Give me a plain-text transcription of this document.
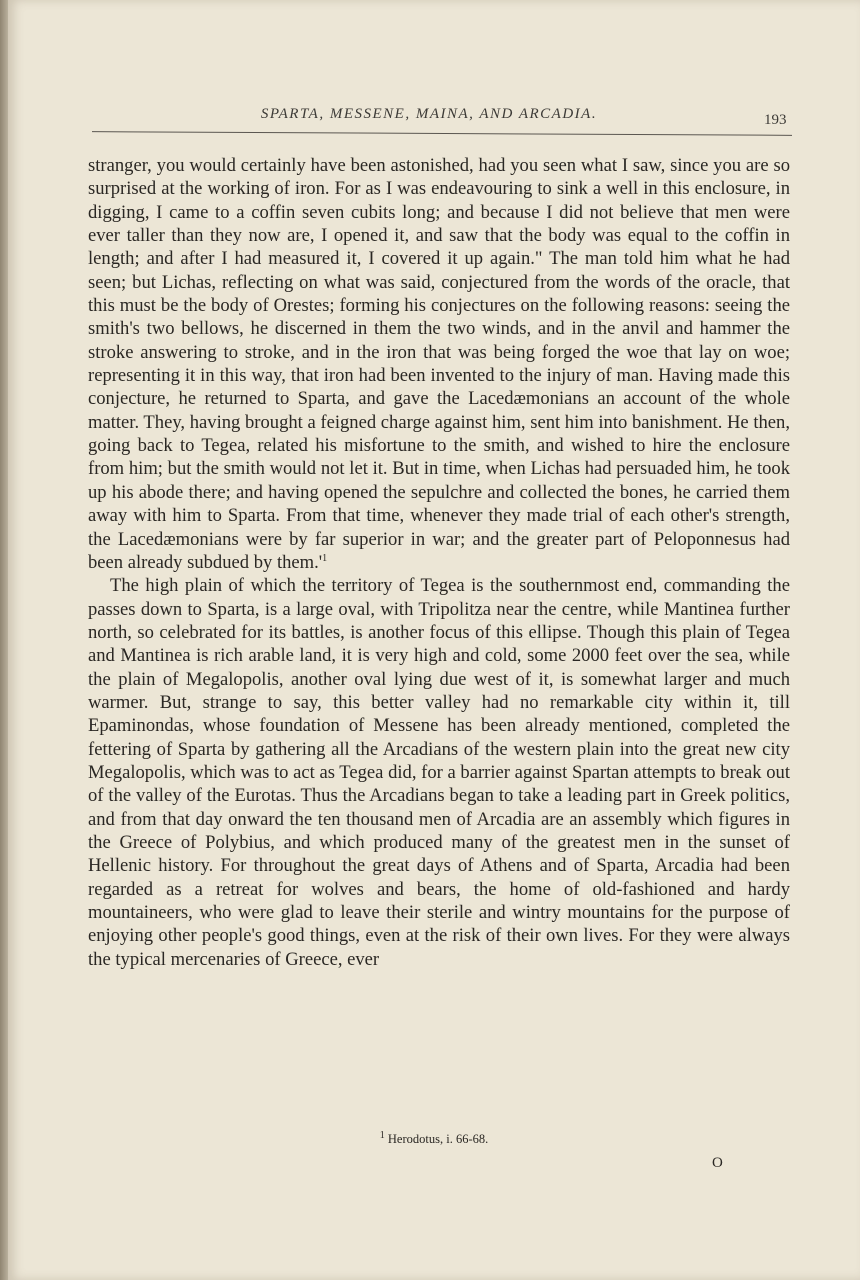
SPARTA, MESSENE, MAINA, AND ARCADIA.	193

stranger, you would certainly have been astonished, had you seen what I saw, since you are so surprised at the working of iron. For as I was endeavouring to sink a well in this enclosure, in digging, I came to a coffin seven cubits long; and because I did not believe that men were ever taller than they now are, I opened it, and saw that the body was equal to the coffin in length; and after I had measured it, I covered it up again." The man told him what he had seen; but Lichas, reflecting on what was said, conjectured from the words of the oracle, that this must be the body of Orestes; forming his conjectures on the following reasons: seeing the smith's two bellows, he discerned in them the two winds, and in the anvil and hammer the stroke answering to stroke, and in the iron that was being forged the woe that lay on woe; representing it in this way, that iron had been invented to the injury of man. Having made this conjecture, he returned to Sparta, and gave the Lacedæmonians an account of the whole matter. They, having brought a feigned charge against him, sent him into banishment. He then, going back to Tegea, related his misfortune to the smith, and wished to hire the enclosure from him; but the smith would not let it. But in time, when Lichas had persuaded him, he took up his abode there; and having opened the sepulchre and collected the bones, he carried them away with him to Sparta. From that time, whenever they made trial of each other's strength, the Lacedæmonians were by far superior in war; and the greater part of Peloponnesus had been already subdued by them.'$^1$

The high plain of which the territory of Tegea is the southernmost end, commanding the passes down to Sparta, is a large oval, with Tripolitza near the centre, while Mantinea further north, so celebrated for its battles, is another focus of this ellipse. Though this plain of Tegea and Mantinea is rich arable land, it is very high and cold, some 2000 feet over the sea, while the plain of Megalopolis, another oval lying due west of it, is somewhat larger and much warmer. But, strange to say, this better valley had no remarkable city within it, till Epaminondas, whose foundation of Messene has been already mentioned, completed the fettering of Sparta by gathering all the Arcadians of the western plain into the great new city Megalopolis, which was to act as Tegea did, for a barrier against Spartan attempts to break out of the valley of the Eurotas. Thus the Arcadians began to take a leading part in Greek politics, and from that day onward the ten thousand men of Arcadia are an assembly which figures in the Greece of Polybius, and which produced many of the greatest men in the sunset of Hellenic history. For throughout the great days of Athens and of Sparta, Arcadia had been regarded as a retreat for wolves and bears, the home of old-fashioned and hardy mountaineers, who were glad to leave their sterile and wintry mountains for the purpose of enjoying other people's good things, even at the risk of their own lives. For they were always the typical mercenaries of Greece, ever

$^1$ Herodotus, i. 66-68.
O
